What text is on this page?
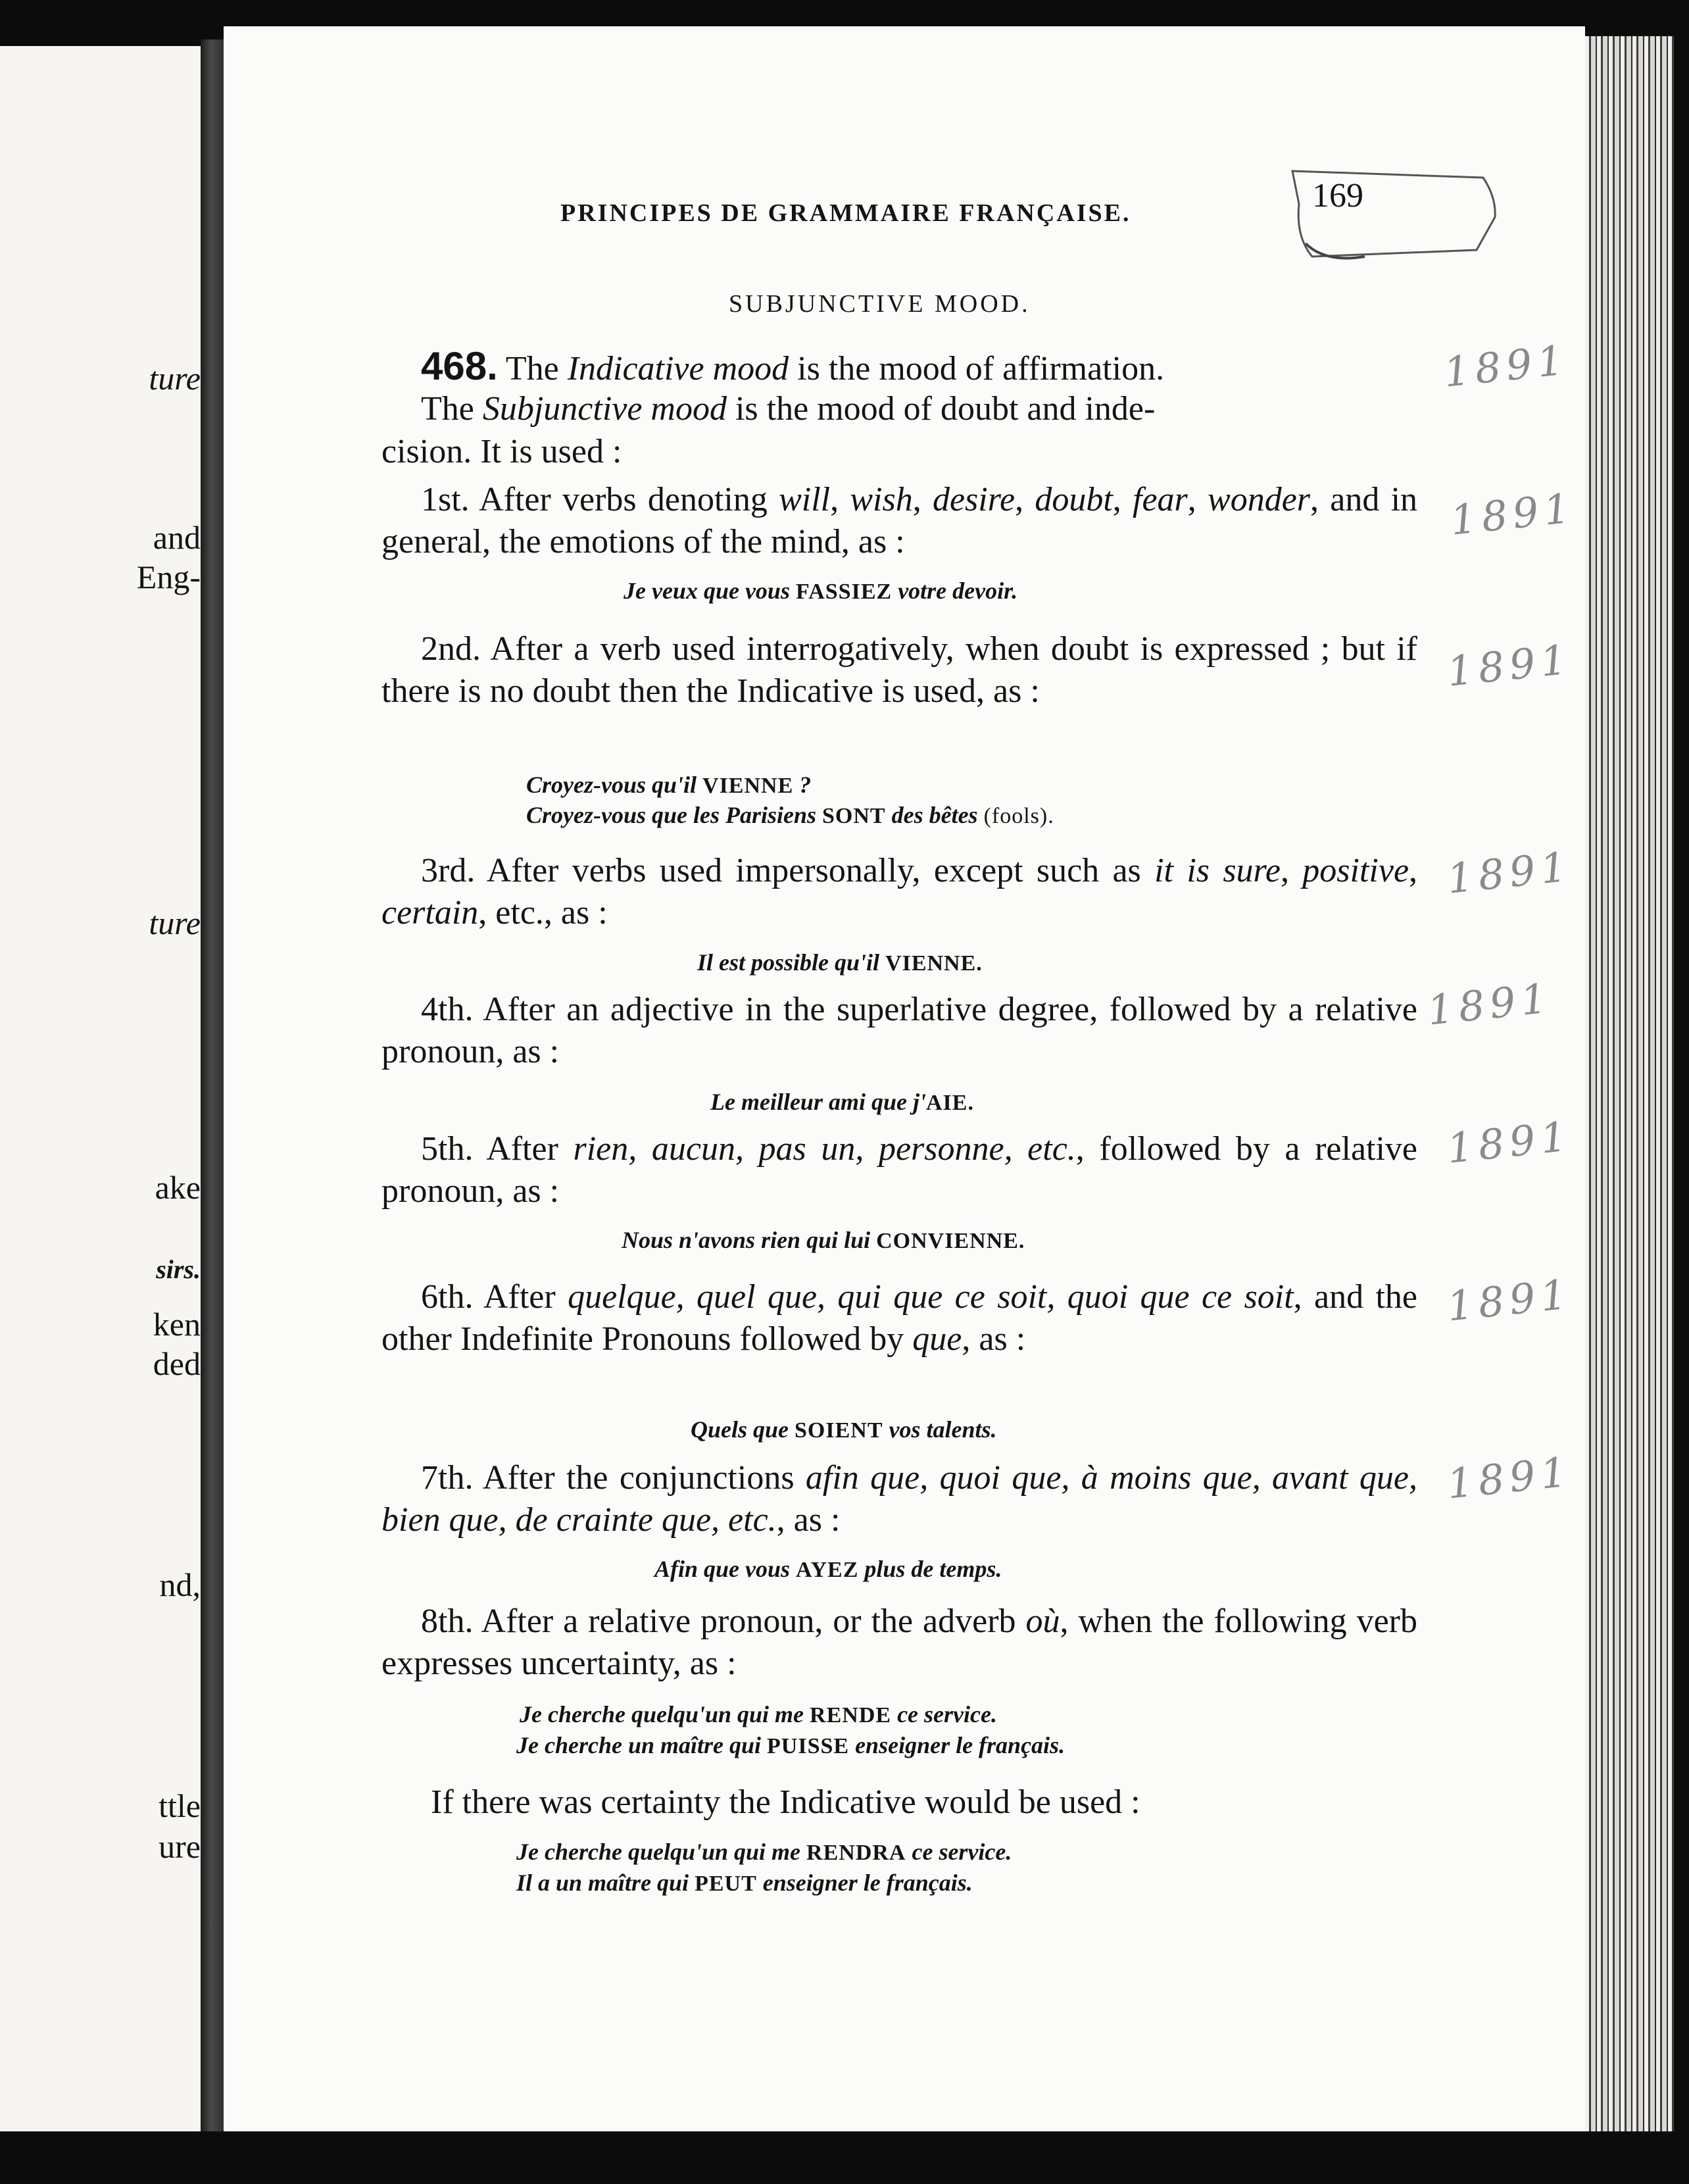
ture
and
Eng-
ture
ake
sirs.
ken
ded
nd,
ttle
ure
PRINCIPES DE GRAMMAIRE FRANÇAISE.	169
SUBJUNCTIVE MOOD.
468. The Indicative mood is the mood of affirmation.
The Subjunctive mood is the mood of doubt and inde-
cision. It is used :
1st. After verbs denoting will, wish, desire, doubt, fear, wonder, and in general, the emotions of the mind, as :
Je veux que vous FASSIEZ votre devoir.
2nd. After a verb used interrogatively, when doubt is expressed ; but if there is no doubt then the Indicative is used, as :
Croyez-vous qu'il VIENNE ?
Croyez-vous que les Parisiens SONT des bêtes (fools).
3rd. After verbs used impersonally, except such as it is sure, positive, certain, etc., as :
Il est possible qu'il VIENNE.
4th. After an adjective in the superlative degree, followed by a relative pronoun, as :
Le meilleur ami que j'AIE.
5th. After rien, aucun, pas un, personne, etc., followed by a relative pronoun, as :
Nous n'avons rien qui lui CONVIENNE.
6th. After quelque, quel que, qui que ce soit, quoi que ce soit, and the other Indefinite Pronouns followed by que, as :
Quels que SOIENT vos talents.
7th. After the conjunctions afin que, quoi que, à moins que, avant que, bien que, de crainte que, etc., as :
Afin que vous AYEZ plus de temps.
8th. After a relative pronoun, or the adverb où, when the following verb expresses uncertainty, as :
Je cherche quelqu'un qui me RENDE ce service.
Je cherche un maître qui PUISSE enseigner le français.
If there was certainty the Indicative would be used :
Je cherche quelqu'un qui me RENDRA ce service.
Il a un maître qui PEUT enseigner le français.
1891
1891
1891
1891
1891
1891
1891
1891
